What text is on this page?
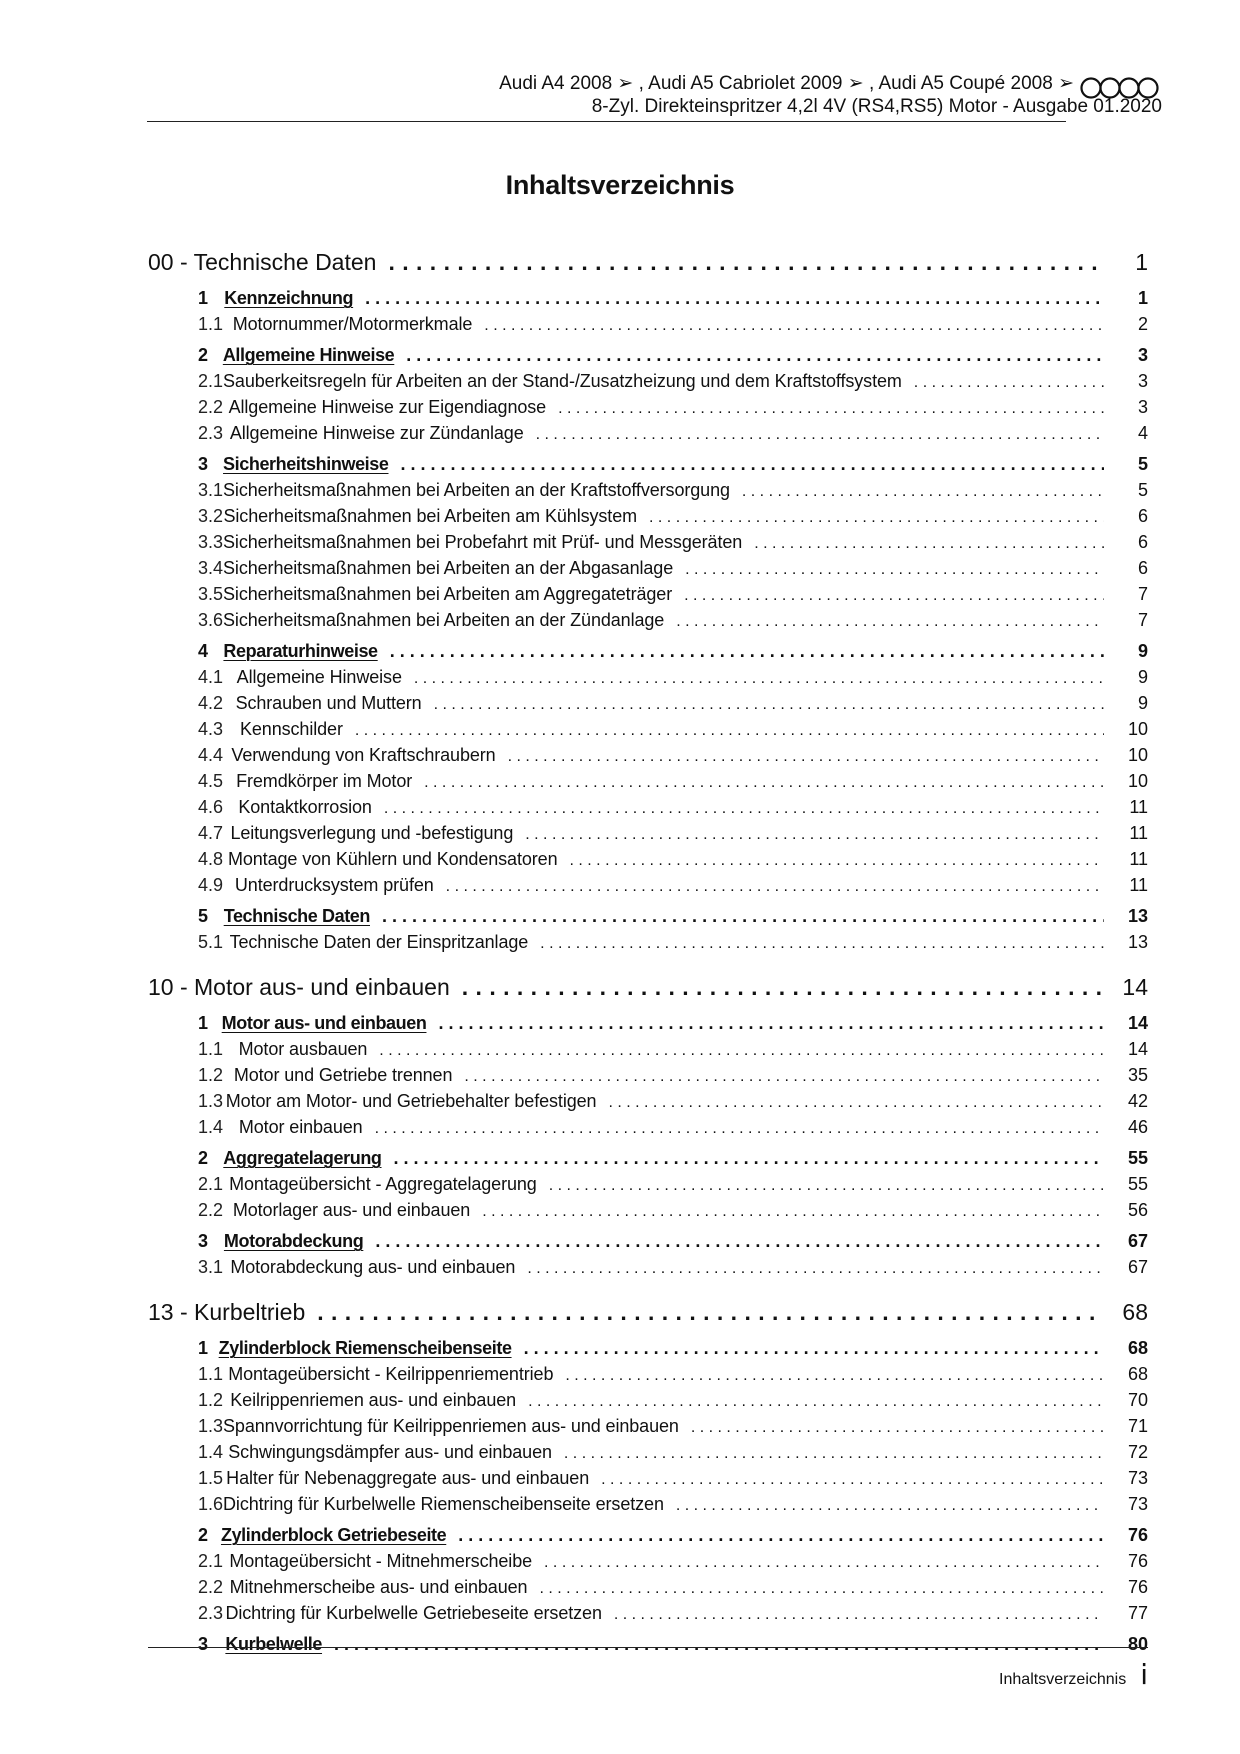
Audi A4 2008 ➢ , Audi A5 Cabriolet 2009 ➢ , Audi A5 Coupé 2008 ➢
8-Zyl. Direkteinspritzer 4,2l 4V (RS4,RS5) Motor - Ausgabe 01.2020
Inhaltsverzeichnis
00 - Technische Daten . . .	1
1 Kennzeichnung . . .	1
1.1 Motornummer/Motormerkmale . . .	2
2 Allgemeine Hinweise . . .	3
2.1 Sauberkeitsregeln für Arbeiten an der Stand-/Zusatzheizung und dem Kraftstoffsystem . . .	3
2.2 Allgemeine Hinweise zur Eigendiagnose . . .	3
2.3 Allgemeine Hinweise zur Zündanlage . . .	4
3 Sicherheitshinweise . . .	5
3.1 Sicherheitsmaßnahmen bei Arbeiten an der Kraftstoffversorgung . . .	5
3.2 Sicherheitsmaßnahmen bei Arbeiten am Kühlsystem . . .	6
3.3 Sicherheitsmaßnahmen bei Probefahrt mit Prüf- und Messgeräten . . .	6
3.4 Sicherheitsmaßnahmen bei Arbeiten an der Abgasanlage . . .	6
3.5 Sicherheitsmaßnahmen bei Arbeiten am Aggregateträger . . .	7
3.6 Sicherheitsmaßnahmen bei Arbeiten an der Zündanlage . . .	7
4 Reparaturhinweise . . .	9
4.1 Allgemeine Hinweise . . .	9
4.2 Schrauben und Muttern . . .	9
4.3 Kennschilder . . .	10
4.4 Verwendung von Kraftschraubern . . .	10
4.5 Fremdkörper im Motor . . .	10
4.6 Kontaktkorrosion . . .	11
4.7 Leitungsverlegung und -befestigung . . .	11
4.8 Montage von Kühlern und Kondensatoren . . .	11
4.9 Unterdrucksystem prüfen . . .	11
5 Technische Daten . . .	13
5.1 Technische Daten der Einspritzanlage . . .	13
10 - Motor aus- und einbauen . . .	14
1 Motor aus- und einbauen . . .	14
1.1 Motor ausbauen . . .	14
1.2 Motor und Getriebe trennen . . .	35
1.3 Motor am Motor- und Getriebehalter befestigen . . .	42
1.4 Motor einbauen . . .	46
2 Aggregatelagerung . . .	55
2.1 Montageübersicht - Aggregatelagerung . . .	55
2.2 Motorlager aus- und einbauen . . .	56
3 Motorabdeckung . . .	67
3.1 Motorabdeckung aus- und einbauen . . .	67
13 - Kurbeltrieb . . .	68
1 Zylinderblock Riemenscheibenseite . . .	68
1.1 Montageübersicht - Keilrippenriementrieb . . .	68
1.2 Keilrippenriemen aus- und einbauen . . .	70
1.3 Spannvorrichtung für Keilrippenriemen aus- und einbauen . . .	71
1.4 Schwingungsdämpfer aus- und einbauen . . .	72
1.5 Halter für Nebenaggregate aus- und einbauen . . .	73
1.6 Dichtring für Kurbelwelle Riemenscheibenseite ersetzen . . .	73
2 Zylinderblock Getriebeseite . . .	76
2.1 Montageübersicht - Mitnehmerscheibe . . .	76
2.2 Mitnehmerscheibe aus- und einbauen . . .	76
2.3 Dichtring für Kurbelwelle Getriebeseite ersetzen . . .	77
3 Kurbelwelle . . .	80
Inhaltsverzeichnis i
